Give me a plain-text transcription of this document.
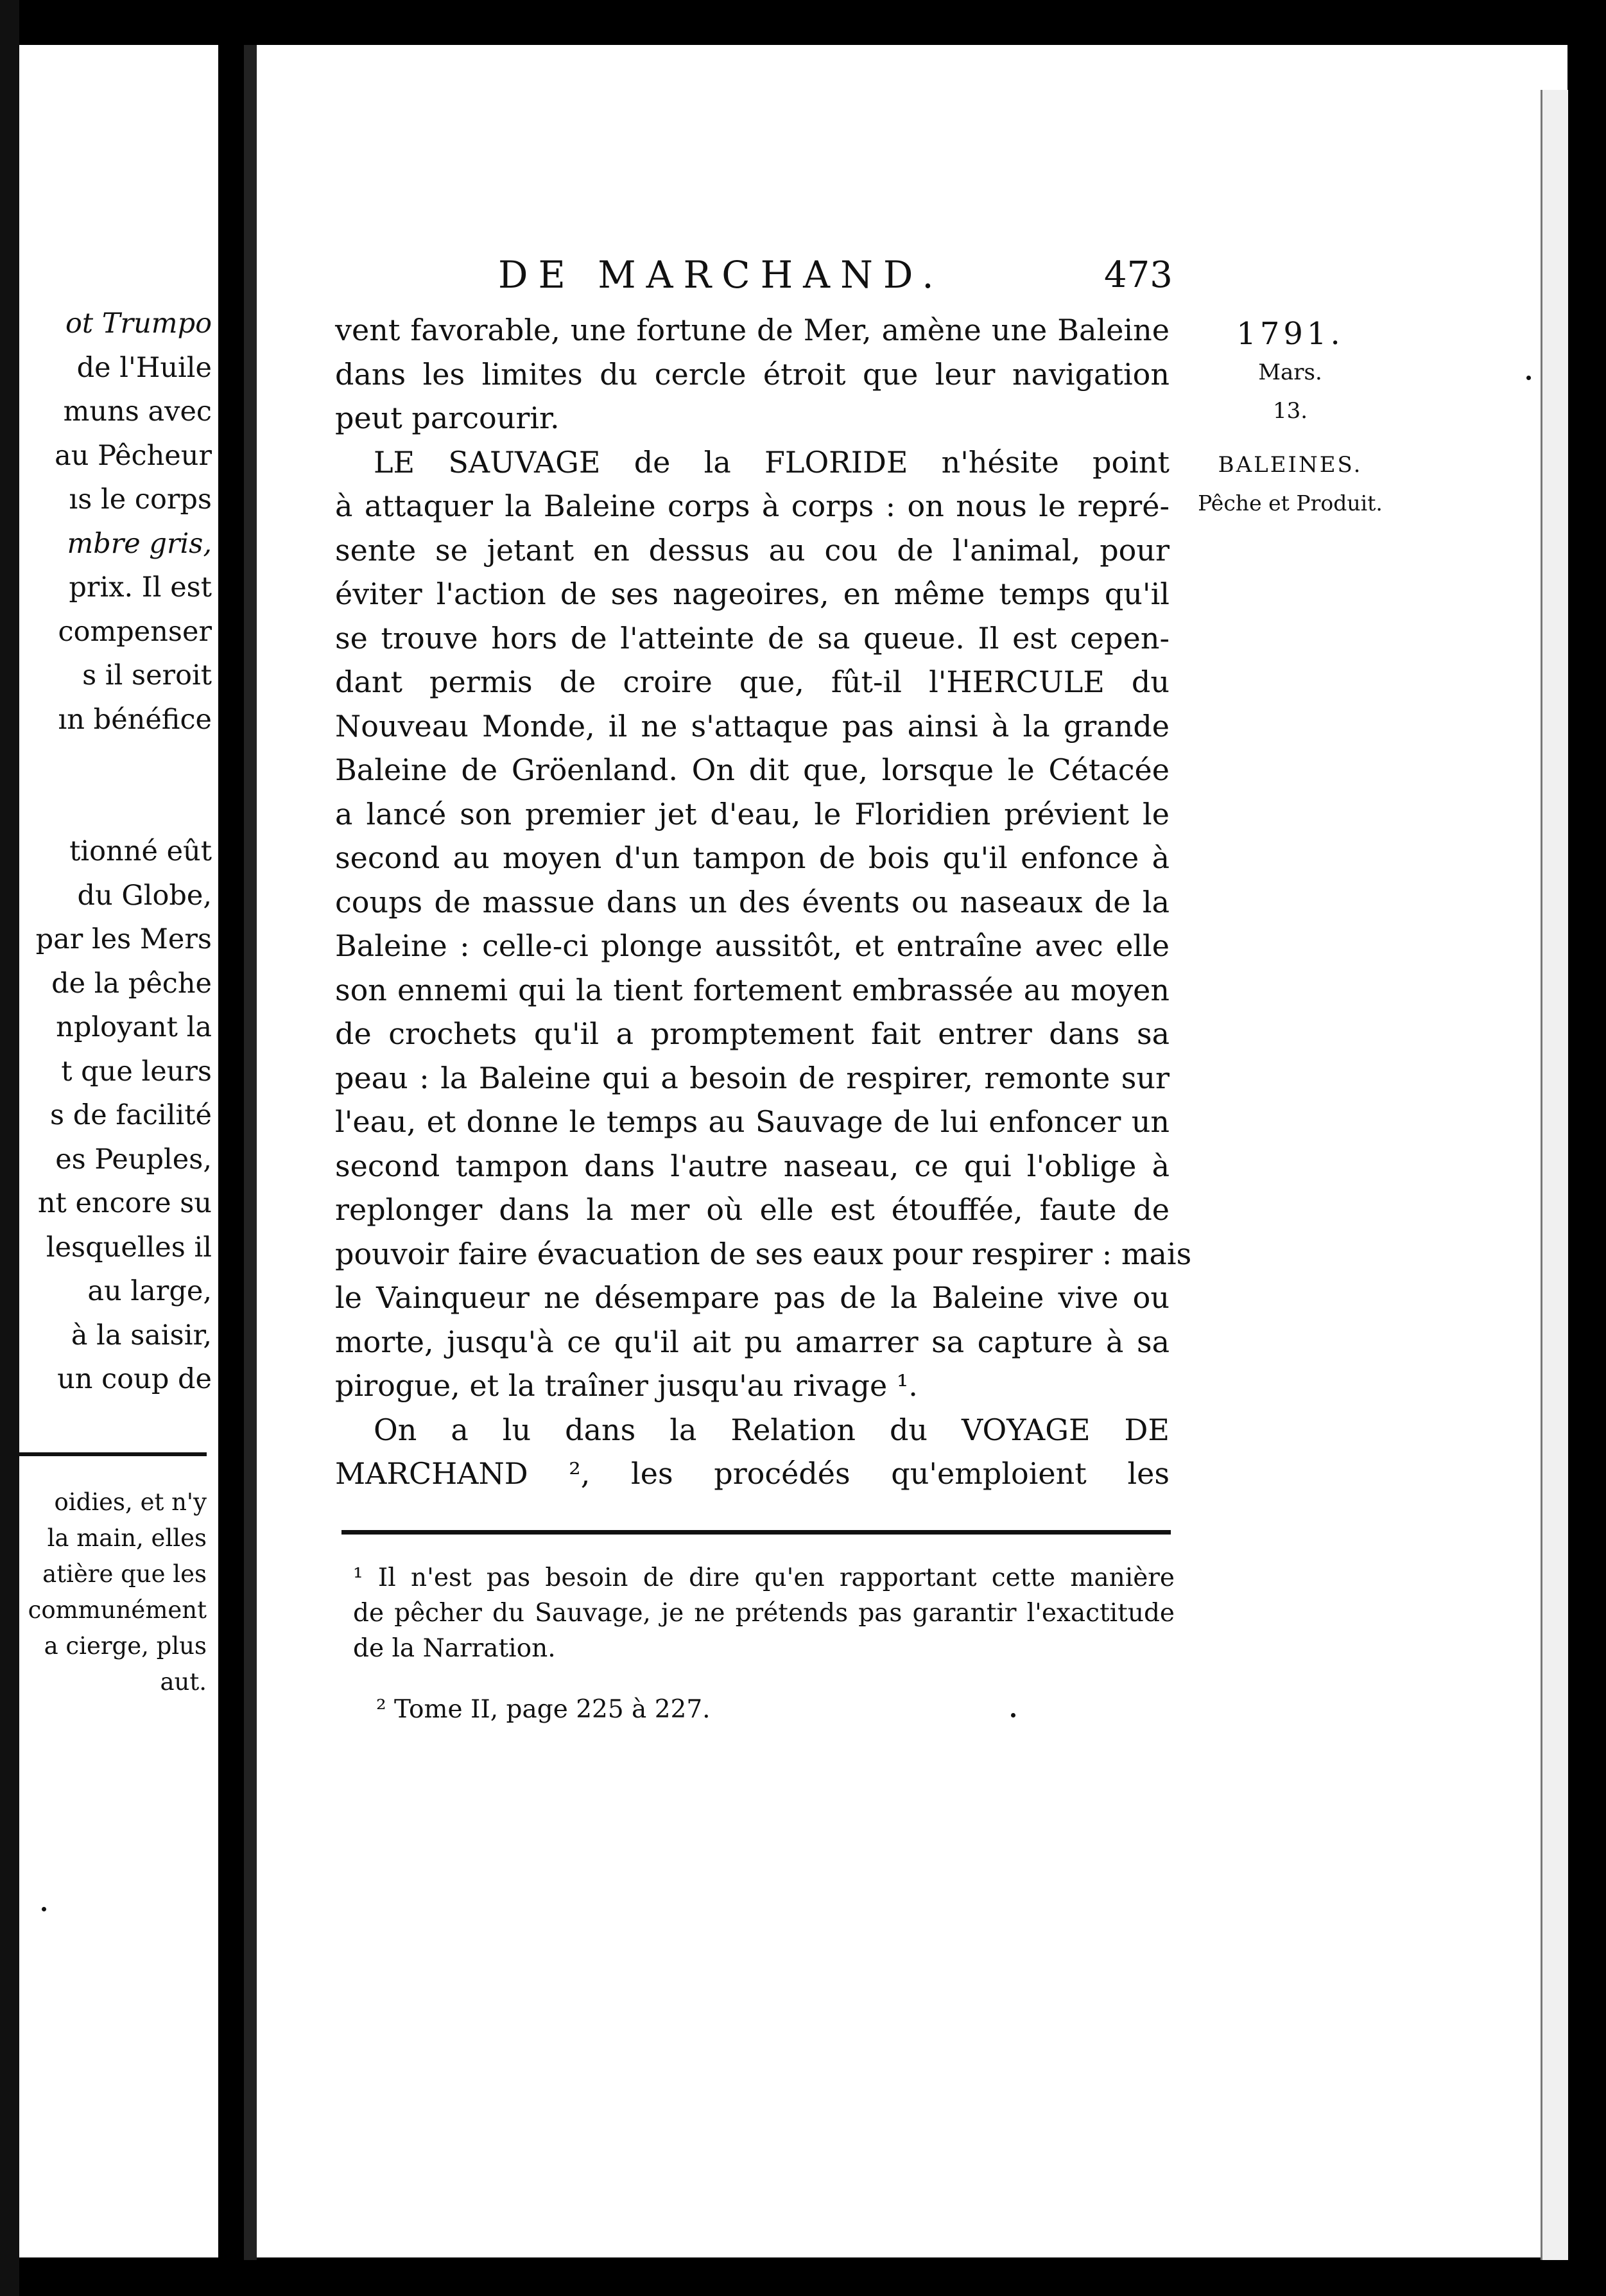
ot Trumpo
de l'Huile
muns avec
au Pêcheur
ıs le corps
mbre gris,
prix. Il est
compenser
s il seroit
ın bénéfice
tionné eût
du Globe,
par les Mers
de la pêche
nployant la
t que leurs
s de facilité
es Peuples,
nt encore su
lesquelles il
au large,
à la saisir,
un coup de
oidies, et n'y
la main, elles
atière que les
communément
a cierge, plus
aut.
DE MARCHAND.	473
1791.
Mars.
13.
BALEINES.
Pêche et Produit.
vent favorable, une fortune de Mer, amène une Baleine
dans les limites du cercle étroit que leur navigation
peut parcourir.
LE SAUVAGE de la FLORIDE n'hésite point
à attaquer la Baleine corps à corps : on nous le repré-
sente se jetant en dessus au cou de l'animal, pour
éviter l'action de ses nageoires, en même temps qu'il
se trouve hors de l'atteinte de sa queue. Il est cepen-
dant permis de croire que, fût-il l'HERCULE du
Nouveau Monde, il ne s'attaque pas ainsi à la grande
Baleine de Gröenland. On dit que, lorsque le Cétacée
a lancé son premier jet d'eau, le Floridien prévient le
second au moyen d'un tampon de bois qu'il enfonce à
coups de massue dans un des évents ou naseaux de la
Baleine : celle-ci plonge aussitôt, et entraîne avec elle
son ennemi qui la tient fortement embrassée au moyen
de crochets qu'il a promptement fait entrer dans sa
peau : la Baleine qui a besoin de respirer, remonte sur
l'eau, et donne le temps au Sauvage de lui enfoncer un
second tampon dans l'autre naseau, ce qui l'oblige à
replonger dans la mer où elle est étouffée, faute de
pouvoir faire évacuation de ses eaux pour respirer : mais
le Vainqueur ne désempare pas de la Baleine vive ou
morte, jusqu'à ce qu'il ait pu amarrer sa capture à sa
pirogue, et la traîner jusqu'au rivage ¹.
On a lu dans la Relation du VOYAGE DE
MARCHAND ², les procédés qu'emploient les
¹ Il n'est pas besoin de dire qu'en rapportant cette manière
de pêcher du Sauvage, je ne prétends pas garantir l'exactitude
de la Narration.
² Tome II, page 225 à 227.
